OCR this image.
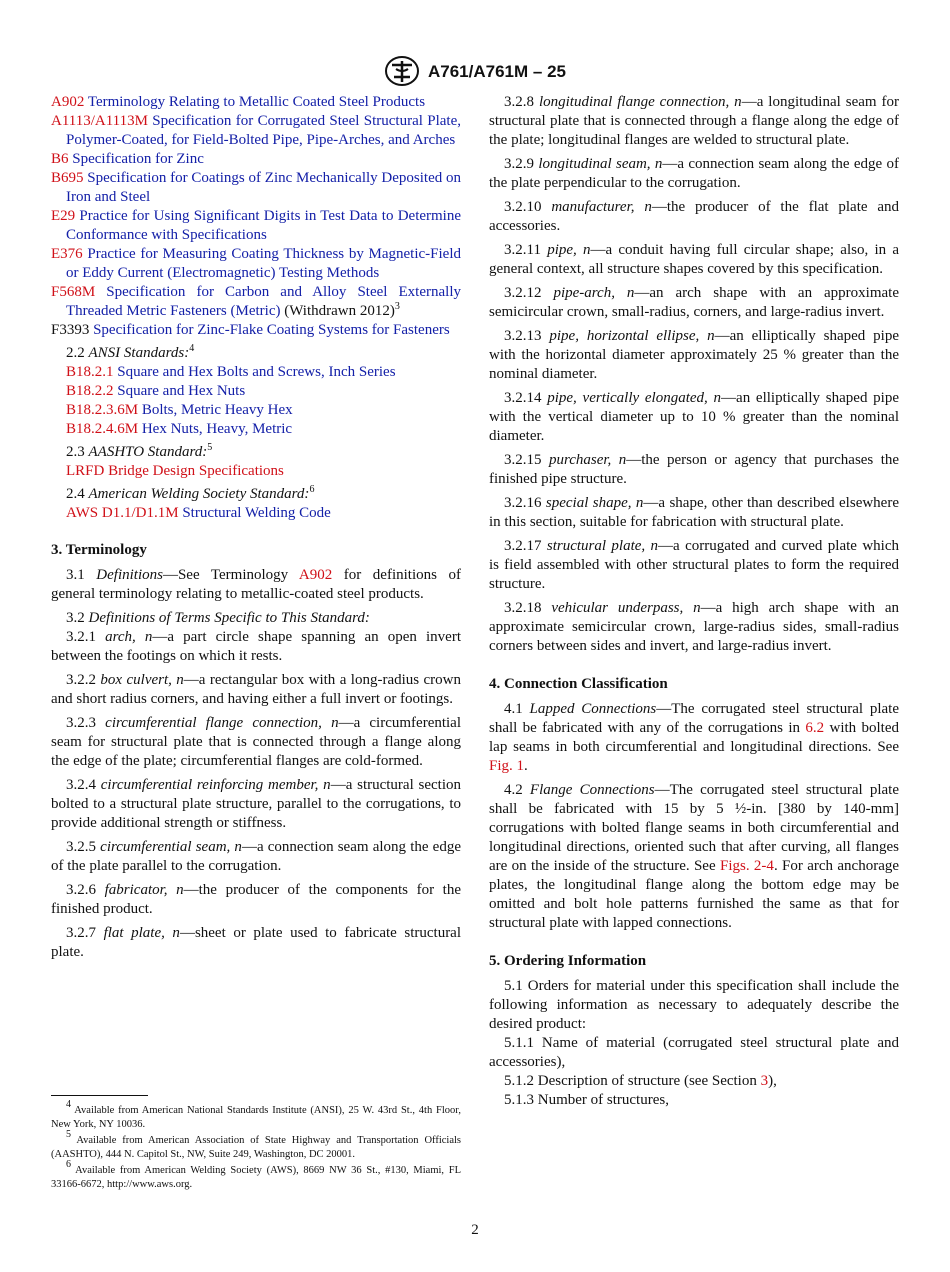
A761/A761M – 25

A902 Terminology Relating to Metallic Coated Steel Products

A1113/A1113M Specification for Corrugated Steel Structural Plate, Polymer-Coated, for Field-Bolted Pipe, Pipe-Arches, and Arches

B6 Specification for Zinc

B695 Specification for Coatings of Zinc Mechanically Deposited on Iron and Steel

E29 Practice for Using Significant Digits in Test Data to Determine Conformance with Specifications

E376 Practice for Measuring Coating Thickness by Magnetic-Field or Eddy Current (Electromagnetic) Testing Methods

F568M Specification for Carbon and Alloy Steel Externally Threaded Metric Fasteners (Metric) (Withdrawn 2012)$^3$

F3393 Specification for Zinc-Flake Coating Systems for Fasteners

2.2 ANSI Standards:$^4$

B18.2.1 Square and Hex Bolts and Screws, Inch Series

B18.2.2 Square and Hex Nuts

B18.2.3.6M Bolts, Metric Heavy Hex

B18.2.4.6M Hex Nuts, Heavy, Metric

2.3 AASHTO Standard:$^5$

LRFD Bridge Design Specifications

2.4 American Welding Society Standard:$^6$

AWS D1.1/D1.1M Structural Welding Code

3. Terminology

3.1 Definitions—See Terminology A902 for definitions of general terminology relating to metallic-coated steel products.

3.2 Definitions of Terms Specific to This Standard:

3.2.1 arch, n—a part circle shape spanning an open invert between the footings on which it rests.

3.2.2 box culvert, n—a rectangular box with a long-radius crown and short radius corners, and having either a full invert or footings.

3.2.3 circumferential flange connection, n—a circumferential seam for structural plate that is connected through a flange along the edge of the plate; circumferential flanges are cold-formed.

3.2.4 circumferential reinforcing member, n—a structural section bolted to a structural plate structure, parallel to the corrugations, to provide additional strength or stiffness.

3.2.5 circumferential seam, n—a connection seam along the edge of the plate parallel to the corrugation.

3.2.6 fabricator, n—the producer of the components for the finished product.

3.2.7 flat plate, n—sheet or plate used to fabricate structural plate.

3.2.8 longitudinal flange connection, n—a longitudinal seam for structural plate that is connected through a flange along the edge of the plate; longitudinal flanges are welded to structural plate.

3.2.9 longitudinal seam, n—a connection seam along the edge of the plate perpendicular to the corrugation.

3.2.10 manufacturer, n—the producer of the flat plate and accessories.

3.2.11 pipe, n—a conduit having full circular shape; also, in a general context, all structure shapes covered by this specification.

3.2.12 pipe-arch, n—an arch shape with an approximate semicircular crown, small-radius, corners, and large-radius invert.

3.2.13 pipe, horizontal ellipse, n—an elliptically shaped pipe with the horizontal diameter approximately 25 % greater than the nominal diameter.

3.2.14 pipe, vertically elongated, n—an elliptically shaped pipe with the vertical diameter up to 10 % greater than the nominal diameter.

3.2.15 purchaser, n—the person or agency that purchases the finished pipe structure.

3.2.16 special shape, n—a shape, other than described elsewhere in this section, suitable for fabrication with structural plate.

3.2.17 structural plate, n—a corrugated and curved plate which is field assembled with other structural plates to form the required structure.

3.2.18 vehicular underpass, n—a high arch shape with an approximate semicircular crown, large-radius sides, small-radius corners between sides and invert, and large-radius invert.

4. Connection Classification

4.1 Lapped Connections—The corrugated steel structural plate shall be fabricated with any of the corrugations in 6.2 with bolted lap seams in both circumferential and longitudinal directions. See Fig. 1.

4.2 Flange Connections—The corrugated steel structural plate shall be fabricated with 15 by 5 ½-in. [380 by 140-mm] corrugations with bolted flange seams in both circumferential and longitudinal directions, oriented such that after curving, all flanges are on the inside of the structure. See Figs. 2-4. For arch anchorage plates, the longitudinal flange along the bottom edge may be omitted and bolt hole patterns furnished the same as that for structural plate with lapped connections.

5. Ordering Information

5.1 Orders for material under this specification shall include the following information as necessary to adequately describe the desired product:

5.1.1 Name of material (corrugated steel structural plate and accessories),

5.1.2 Description of structure (see Section 3),

5.1.3 Number of structures,

$^4$ Available from American National Standards Institute (ANSI), 25 W. 43rd St., 4th Floor, New York, NY 10036.

$^5$ Available from American Association of State Highway and Transportation Officials (AASHTO), 444 N. Capitol St., NW, Suite 249, Washington, DC 20001.

$^6$ Available from American Welding Society (AWS), 8669 NW 36 St., #130, Miami, FL 33166-6672, http://www.aws.org.

2
